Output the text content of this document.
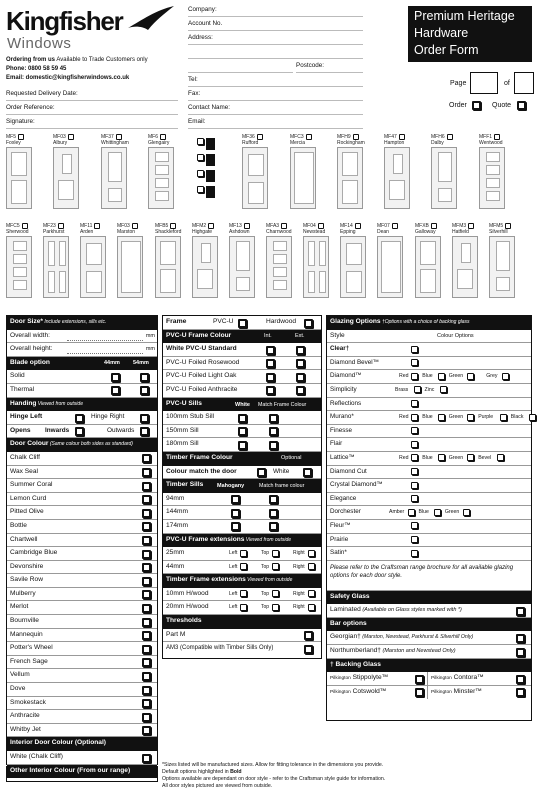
Kingfisher
Windows
Ordering from us Available to Trade Customers only
Phone: 0800 58 59 45
Email: domestic@kingfisherwindows.co.uk
Requested Delivery Date:
Order Reference:
Signature:
Company:
Account No.
Address:
Postcode:
Tel:
Fax:
Contact Name:
Email:
Premium Heritage
Hardware
Order Form
Page	of
Order	Quote
MF5
Foxley
MF03
Albury
MF37
Whittingham
MF6
Glengairy
MF36
Rufford
MFC3
Mercia
MFH9
Rockingham
MF47
Hampton
MFH6
Dalby
MFF1
Wentwood
MFC5
Sherwood
MF23
Parkhurst
MF11
Arden
MF03
Marston
MFB5
Shackleford
MFM2
Highgate
MF13
Ashdown
MFA3
Charnwood
MF04
Newstead
MF14
Epping
MF07
Dean
MFXB
Galloway
MFM3
Hatfield
MFM5
Silverhill
Door Size* Include extensions, sills etc.
Overall width:	mm
Overall height:	mm
Blade option	44mm 54mm
Solid
Thermal
Handing Viewed from outside
Hinge Left	Hinge Right
Opens Inwards	Outwards
Door Colour (Same colour both sides as standard)
Chalk Cliff
Wax Seal
Summer Coral
Lemon Curd
Pitted Olive
Bottle
Chartwell
Cambridge Blue
Devonshire
Savile Row
Mulberry
Merlot
Bournville
Mannequin
Potter's Wheel
French Sage
Vellum
Dove
Smokestack
Anthracite
Whitby Jet
Interior Door Colour (Optional)
White (Chalk Cliff)
Other Interior Colour (From our range)
Frame	PVC-U	Hardwood
PVC-U Frame Colour	Int.	Ext.
White PVC-U Standard
PVC-U Foiled Rosewood
PVC-U Foiled Light Oak
PVC-U Foiled Anthracite
PVC-U Sills	White Match Frame Colour
100mm Stub Sill
150mm Sill
180mm Sill
Timber Frame Colour	Optional
Colour match the door	White
Timber Sills Mahogany	Match frame colour
94mm
144mm
174mm
PVC-U Frame extensions Viewed from outside
25mm	Left	Top	Right
44mm	Left	Top	Right
Timber Frame extensions Viewed from outside
10mm H/wood	Left	Top	Right
20mm H/wood	Left	Top	Right
Thresholds
Part M
AM3 (Compatible with Timber Sills Only)
Glazing Options †Options with a choice of backing glass
Style	Colour Options
Clear†
Diamond Bevel™
Diamond™	Red	Blue	Green	Grey
Simplicity	Brass	Zinc
Reflections
Murano*	Red	Blue	Green	Purple	Black
Finesse
Flair
Lattice™	Red	Blue	Green	Bevel
Diamond Cut
Crystal Diamond™
Elegance
Dorchester	Amber	Blue	Green
Fleur™
Prairie
Satin*
Please refer to the Craftsman range brochure for all available glazing options for each door style.
Safety Glass
Laminated (Available on Glass styles marked with *)
Bar options
Georgian† (Marston, Newstead, Parkhurst & Silverhill Only)
Northumberland† (Marston and Newstead Only)
† Backing Glass
Pilkington Stippolyte™	Pilkington Contora™
Pilkington Cotswold™	Pilkington Minster™
*Sizes listed will be manufactured sizes. Allow for fitting tolerance in the dimensions you provide.
Default options highlighted in Bold
Options available are dependant on door style - refer to the Craftsman style guide for information.
All door styles pictured are viewed from outside.
